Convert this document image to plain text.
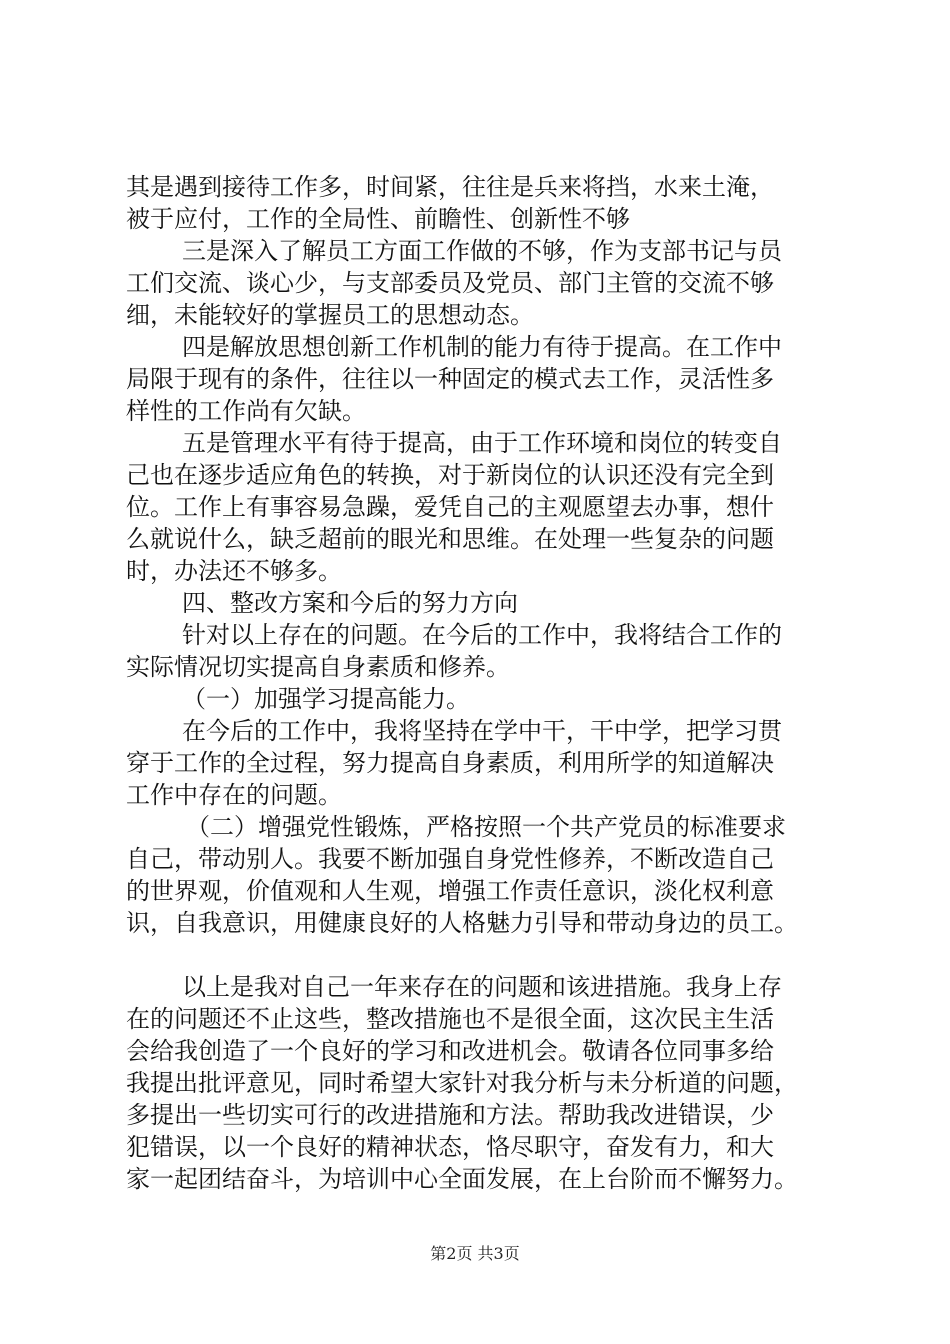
其是遇到接待工作多，时间紧，往往是兵来将挡，水来土淹，
被于应付，工作的全局性、前瞻性、创新性不够
三是深入了解员工方面工作做的不够，作为支部书记与员
工们交流、谈心少，与支部委员及党员、部门主管的交流不够
细，未能较好的掌握员工的思想动态。
四是解放思想创新工作机制的能力有待于提高。在工作中
局限于现有的条件，往往以一种固定的模式去工作，灵活性多
样性的工作尚有欠缺。
五是管理水平有待于提高，由于工作环境和岗位的转变自
己也在逐步适应角色的转换，对于新岗位的认识还没有完全到
位。工作上有事容易急躁，爱凭自己的主观愿望去办事，想什
么就说什么，缺乏超前的眼光和思维。在处理一些复杂的问题
时，办法还不够多。
四、整改方案和今后的努力方向
针对以上存在的问题。在今后的工作中，我将结合工作的
实际情况切实提高自身素质和修养。
（一）加强学习提高能力。
在今后的工作中，我将坚持在学中干，干中学，把学习贯
穿于工作的全过程，努力提高自身素质，利用所学的知道解决
工作中存在的问题。
（二）增强党性锻炼，严格按照一个共产党员的标准要求
自己，带动别人。我要不断加强自身党性修养，不断改造自己
的世界观，价值观和人生观，增强工作责任意识，淡化权利意
识，自我意识，用健康良好的人格魅力引导和带动身边的员工。
以上是我对自己一年来存在的问题和该进措施。我身上存
在的问题还不止这些，整改措施也不是很全面，这次民主生活
会给我创造了一个良好的学习和改进机会。敬请各位同事多给
我提出批评意见，同时希望大家针对我分析与未分析道的问题，
多提出一些切实可行的改进措施和方法。帮助我改进错误，少
犯错误，以一个良好的精神状态，恪尽职守，奋发有力，和大
家一起团结奋斗，为培训中心全面发展，在上台阶而不懈努力。
第2页 共3页
